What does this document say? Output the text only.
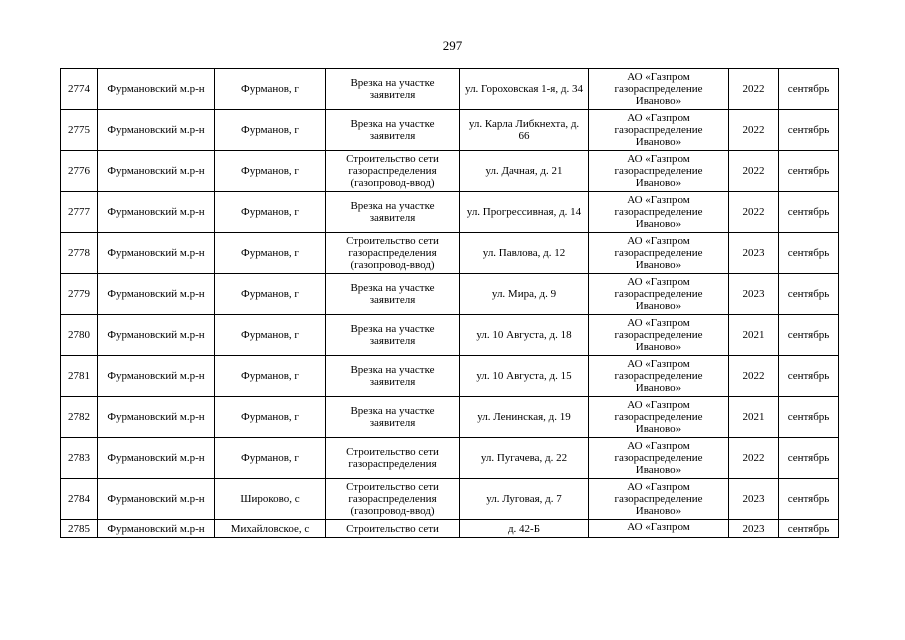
297
2774	Фурмановский м.р-н	Фурманов, г	Врезка на участке заявителя	ул. Гороховская 1-я, д. 34	АО «Газпром газораспределение Иваново»	2022	сентябрь
2775	Фурмановский м.р-н	Фурманов, г	Врезка на участке заявителя	ул. Карла Либкнехта, д. 66	АО «Газпром газораспределение Иваново»	2022	сентябрь
2776	Фурмановский м.р-н	Фурманов, г	Строительство сети газораспределения (газопровод-ввод)	ул. Дачная, д. 21	АО «Газпром газораспределение Иваново»	2022	сентябрь
2777	Фурмановский м.р-н	Фурманов, г	Врезка на участке заявителя	ул. Прогрессивная, д. 14	АО «Газпром газораспределение Иваново»	2022	сентябрь
2778	Фурмановский м.р-н	Фурманов, г	Строительство сети газораспределения (газопровод-ввод)	ул. Павлова, д. 12	АО «Газпром газораспределение Иваново»	2023	сентябрь
2779	Фурмановский м.р-н	Фурманов, г	Врезка на участке заявителя	ул. Мира, д. 9	АО «Газпром газораспределение Иваново»	2023	сентябрь
2780	Фурмановский м.р-н	Фурманов, г	Врезка на участке заявителя	ул. 10 Августа, д. 18	АО «Газпром газораспределение Иваново»	2021	сентябрь
2781	Фурмановский м.р-н	Фурманов, г	Врезка на участке заявителя	ул. 10 Августа, д. 15	АО «Газпром газораспределение Иваново»	2022	сентябрь
2782	Фурмановский м.р-н	Фурманов, г	Врезка на участке заявителя	ул. Ленинская, д. 19	АО «Газпром газораспределение Иваново»	2021	сентябрь
2783	Фурмановский м.р-н	Фурманов, г	Строительство сети газораспределения	ул. Пугачева, д. 22	АО «Газпром газораспределение Иваново»	2022	сентябрь
2784	Фурмановский м.р-н	Широково, с	Строительство сети газораспределения (газопровод-ввод)	ул. Луговая, д. 7	АО «Газпром газораспределение Иваново»	2023	сентябрь
2785	Фурмановский м.р-н	Михайловское, с	Строительство сети	д. 42-Б	АО «Газпром	2023	сентябрь
